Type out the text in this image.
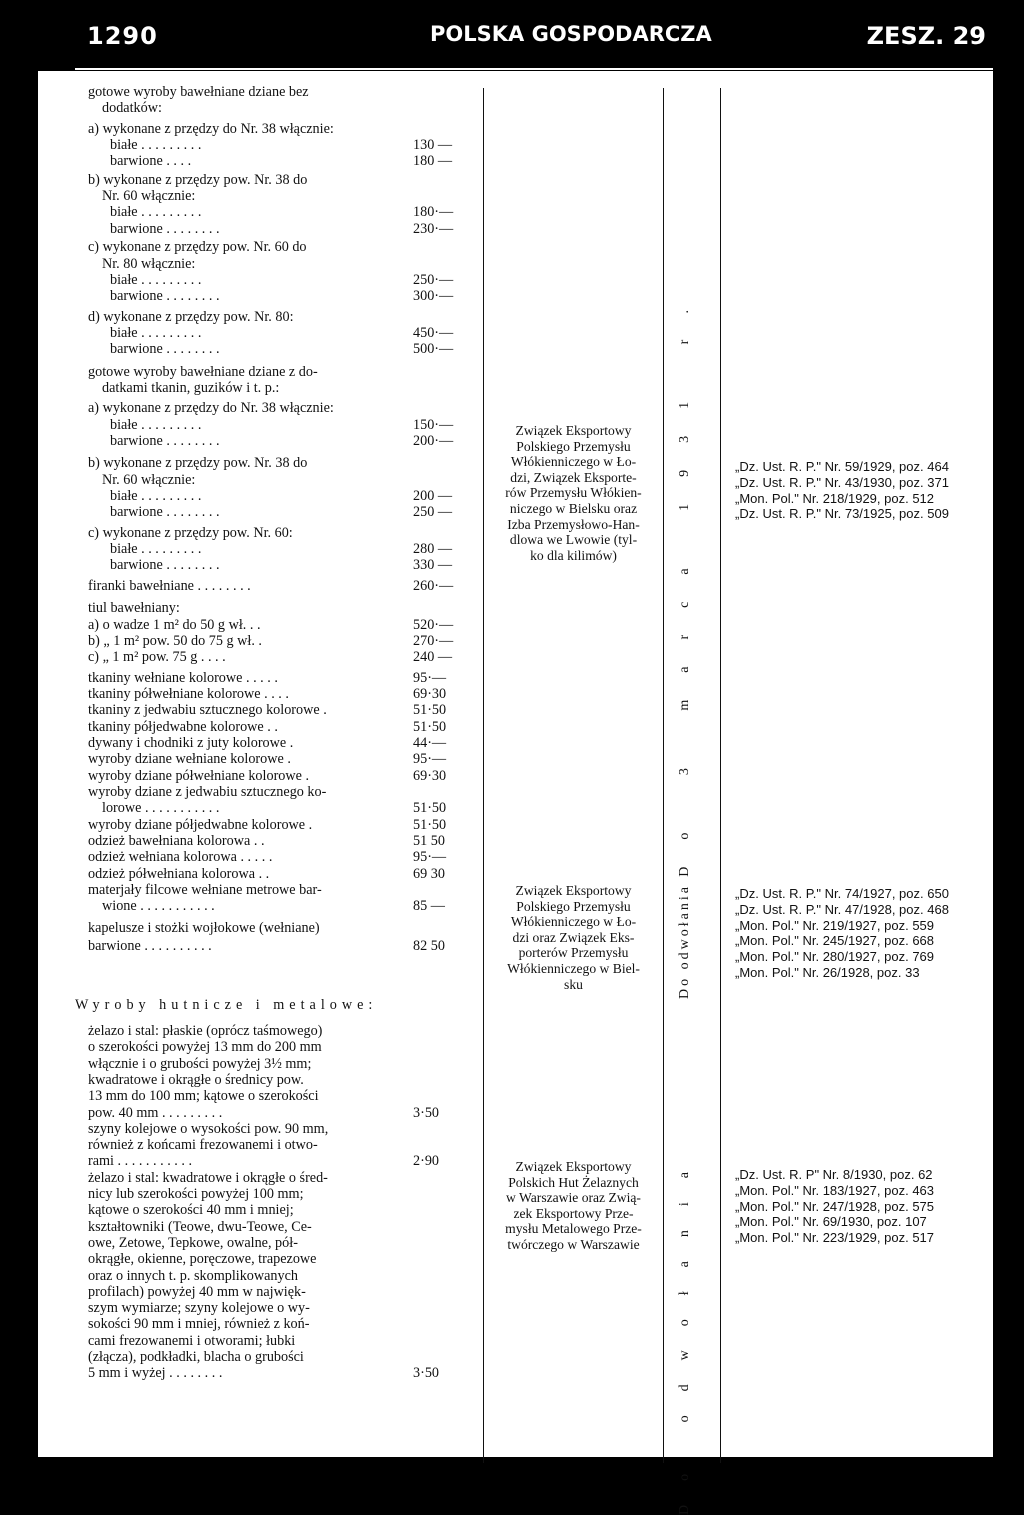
1290	POLSKA GOSPODARCZA	ZESZ. 29
gotowe wyroby bawełniane dziane bez
dodatków:
a) wykonane z przędzy do Nr. 38 włącznie:
białe . . . . . . . . .	130 —
barwione . . . .	180 —
b) wykonane z przędzy pow. Nr. 38 do
Nr. 60 włącznie:
białe . . . . . . . . .	180·—
barwione . . . . . . . .	230·—
c) wykonane z przędzy pow. Nr. 60 do
Nr. 80 włącznie:
białe . . . . . . . . .	250·—
barwione . . . . . . . .	300·—
d) wykonane z przędzy pow. Nr. 80:
białe . . . . . . . . .	450·—
barwione . . . . . . . .	500·—
gotowe wyroby bawełniane dziane z do-
datkami tkanin, guzików i t. p.:
a) wykonane z przędzy do Nr. 38 włącznie:
białe . . . . . . . . .	150·—
barwione . . . . . . . .	200·—
b) wykonane z przędzy pow. Nr. 38 do
Nr. 60 włącznie:
białe . . . . . . . . .	200 —
barwione . . . . . . . .	250 —
c) wykonane z przędzy pow. Nr. 60:
białe . . . . . . . . .	280 —
barwione . . . . . . . .	330 —
firanki bawełniane . . . . . . . .	260·—
tiul bawełniany:
a) o wadze 1 m² do 50 g wł. . .	520·—
b) „ 1 m² pow. 50 do 75 g wł. .	270·—
c) „ 1 m² pow. 75 g . . . .	240 —
tkaniny wełniane kolorowe . . . . .	95·—
tkaniny półwełniane kolorowe . . . .	69·30
tkaniny z jedwabiu sztucznego kolorowe .	51·50
tkaniny półjedwabne kolorowe . .	51·50
dywany i chodniki z juty kolorowe .	44·—
wyroby dziane wełniane kolorowe .	95·—
wyroby dziane półwełniane kolorowe .	69·30
wyroby dziane z jedwabiu sztucznego ko-
lorowe . . . . . . . . . . .	51·50
wyroby dziane półjedwabne kolorowe .	51·50
odzież bawełniana kolorowa . .	51 50
odzież wełniana kolorowa . . . . .	95·—
odzież półwełniana kolorowa . .	69 30
materjały filcowe wełniane metrowe bar-
wione . . . . . . . . . . .	85 —
Związek Eksportowy
Polskiego Przemysłu
Włókienniczego w Ło-
dzi, Związek Eksporte-
rów Przemysłu Włókien-
niczego w Bielsku oraz
Izba Przemysłowo-Han-
dlowa we Lwowie (tyl-
ko dla kilimów)	Do 3 marca 1931 r.	„Dz. Ust. R. P." Nr. 59/1929, poz. 464
„Dz. Ust. R. P." Nr. 43/1930, poz. 371
„Mon. Pol." Nr. 218/1929, poz. 512
„Dz. Ust. R. P." Nr. 73/1925, poz. 509
kapelusze i stożki wojłokowe (wełniane)
barwione . . . . . . . . . .	82 50
Związek Eksportowy
Polskiego Przemysłu
Włókienniczego w Ło-
dzi oraz Związek Eks-
porterów Przemysłu
Włókienniczego w Biel-
sku	Do odwołania	„Dz. Ust. R. P." Nr. 74/1927, poz. 650
„Dz. Ust. R. P." Nr. 47/1928, poz. 468
„Mon. Pol." Nr. 219/1927, poz. 559
„Mon. Pol." Nr. 245/1927, poz. 668
„Mon. Pol." Nr. 280/1927, poz. 769
„Mon. Pol." Nr. 26/1928, poz. 33
Wyroby hutnicze i metalowe:
żelazo i stal: płaskie (oprócz taśmowego)
o szerokości powyżej 13 mm do 200 mm
włącznie i o grubości powyżej 3½ mm;
kwadratowe i okrągłe o średnicy pow.
13 mm do 100 mm; kątowe o szerokości
pow. 40 mm . . . . . . . . .	3·50
szyny kolejowe o wysokości pow. 90 mm,
również z końcami frezowanemi i otwo-
rami . . . . . . . . . . .	2·90
żelazo i stal: kwadratowe i okrągłe o śred-
nicy lub szerokości powyżej 100 mm;
kątowe o szerokości 40 mm i mniej;
kształtowniki (Teowe, dwu-Teowe, Ce-
owe, Zetowe, Tepkowe, owalne, pół-
okrągłe, okienne, poręczowe, trapezowe
oraz o innych t. p. skomplikowanych
profilach) powyżej 40 mm w najwięk-
szym wymiarze; szyny kolejowe o wy-
sokości 90 mm i mniej, również z koń-
cami frezowanemi i otworami; łubki
(złącza), podkładki, blacha o grubości
5 mm i wyżej . . . . . . . .	3·50
Związek Eksportowy
Polskich Hut Żelaznych
w Warszawie oraz Zwią-
zek Eksportowy Prze-
mysłu Metalowego Prze-
twórczego w Warszawie	Do odwołania	„Dz. Ust. R. P" Nr. 8/1930, poz. 62
„Mon. Pol." Nr. 183/1927, poz. 463
„Mon. Pol." Nr. 247/1928, poz. 575
„Mon. Pol." Nr. 69/1930, poz. 107
„Mon. Pol." Nr. 223/1929, poz. 517
